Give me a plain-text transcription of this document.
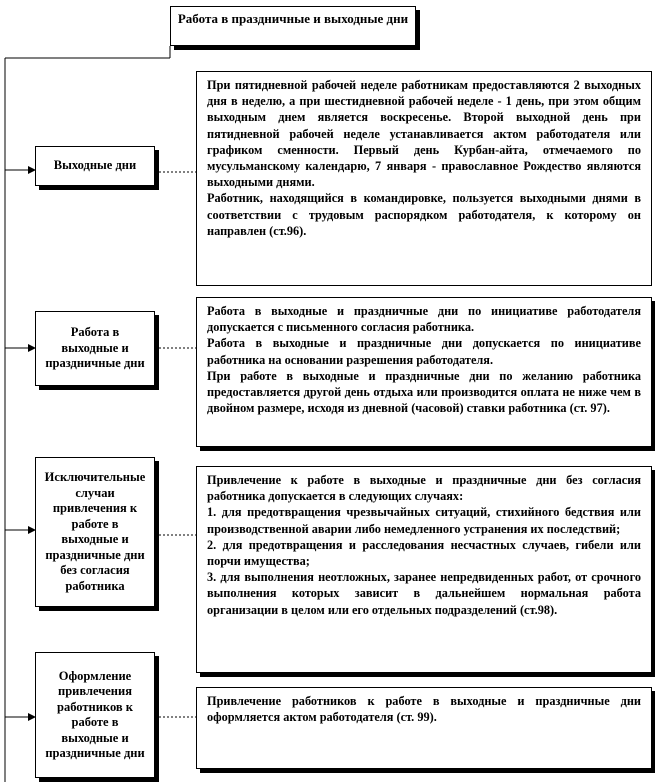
Работа в праздничные и выходные дни
Выходные дни

При пятидневной рабочей неделе работникам предоставляются 2 выходных дня в неделю, а при шестидневной рабочей неделе - 1 день, при этом общим выходным днем является воскресенье. Второй выходной день при пятидневной рабочей неделе устанавливается актом работодателя или графиком сменности. Первый день Курбан-айта, отмечаемого по мусульманскому календарю, 7 января - православное Рождество являются выходными днями.

Работник, находящийся в командировке, пользуется выходными днями в соответствии с трудовым распорядком работодателя, к которому он направлен (ст.96).

Работа в выходные и праздничные дни

Работа в выходные и праздничные дни по инициативе работодателя допускается с письменного согласия работника.

Работа в выходные и праздничные дни допускается по инициативе работника на основании разрешения работодателя.

При работе в выходные и праздничные дни по желанию работника предоставляется другой день отдыха или производится оплата не ниже чем в двойном размере, исходя из дневной (часовой) ставки работника (ст. 97).

Исключительные случаи привлечения к работе в выходные и праздничные дни без согласия работника

Привлечение к работе в выходные и праздничные дни без согласия работника допускается в следующих случаях:

1. для предотвращения чрезвычайных ситуаций, стихийного бедствия или производственной аварии либо немедленного устранения их последствий;

2. для предотвращения и расследования несчастных случаев, гибели или порчи имущества;

3. для выполнения неотложных, заранее непредвиденных работ, от срочного выполнения которых зависит в дальнейшем нормальная работа организации в целом или его отдельных подразделений (ст.98).

Оформление привлечения работников к работе в выходные и праздничные дни

Привлечение работников к работе в выходные и праздничные дни оформляется актом работодателя (ст. 99).
